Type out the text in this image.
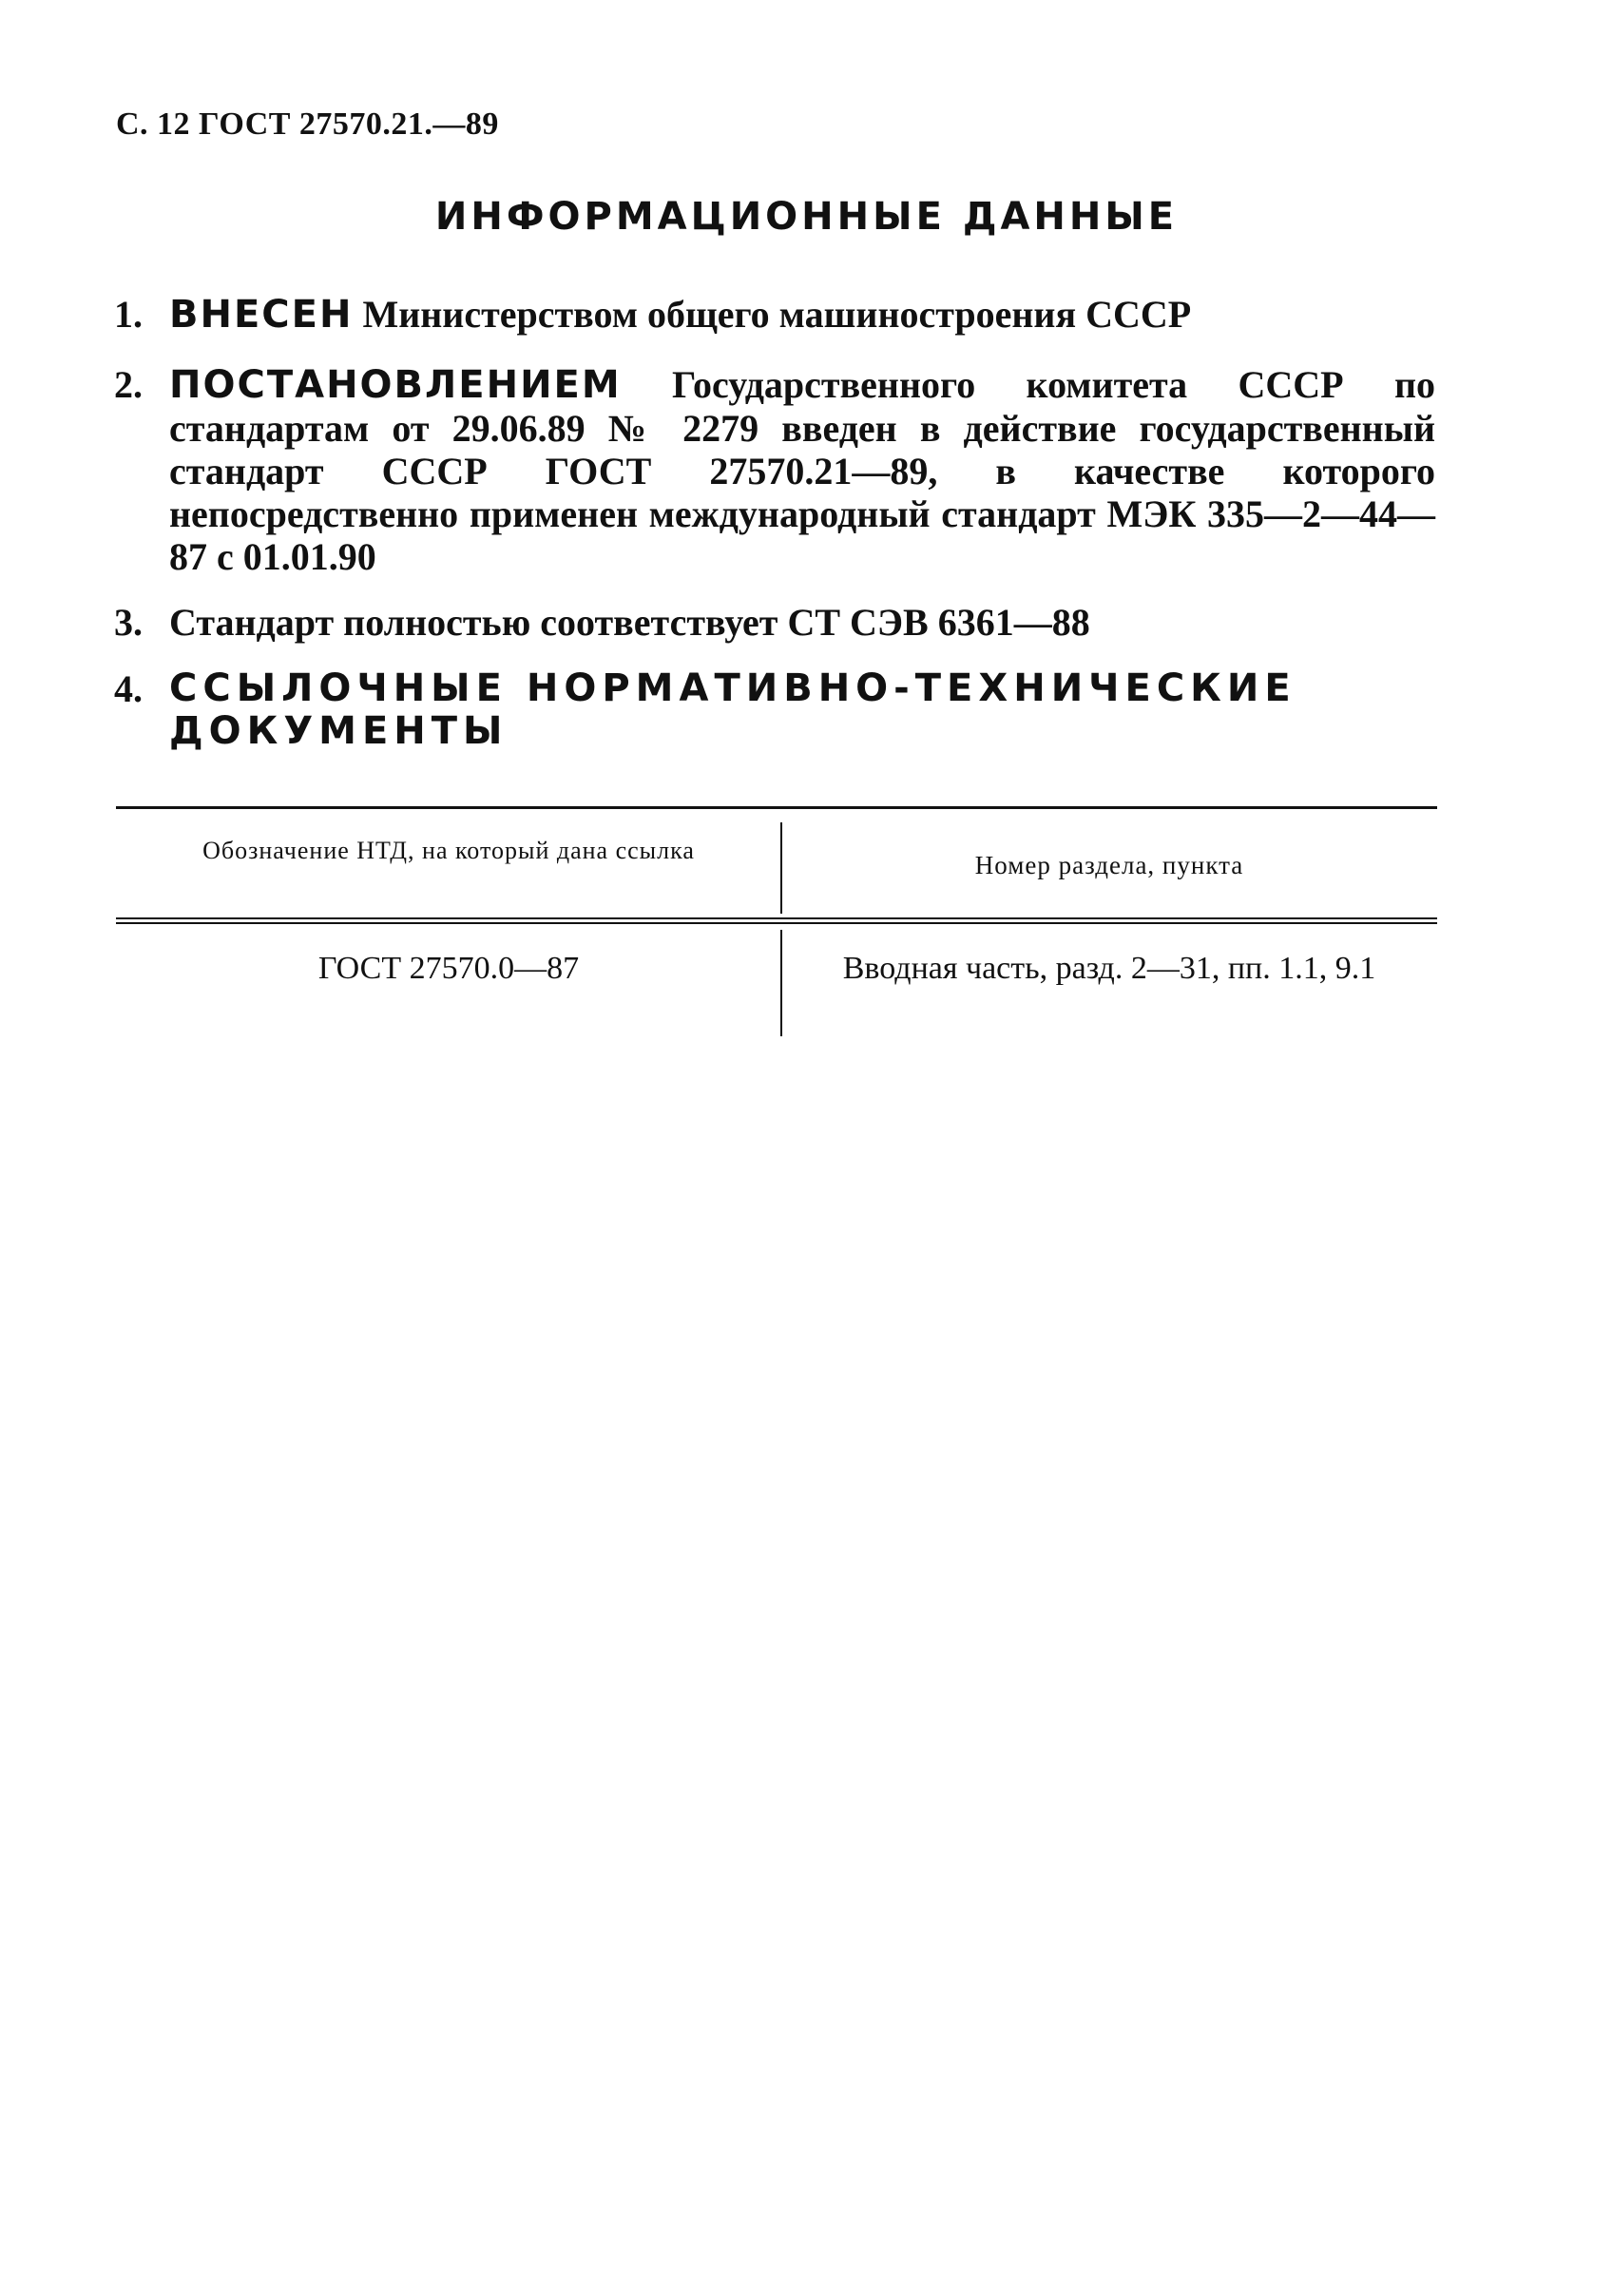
С. 12 ГОСТ 27570.21.—89
ИНФОРМАЦИОННЫЕ ДАННЫЕ
1. ВНЕСЕН Министерством общего машиностроения СССР
2. ПОСТАНОВЛЕНИЕМ Государственного комитета СССР по стандартам от 29.06.89 № 2279 введен в действие государственный стандарт СССР ГОСТ 27570.21—89, в качестве которого непосредственно применен международный стандарт МЭК 335—2—44—87 с 01.01.90
3. Стандарт полностью соответствует СТ СЭВ 6361—88
4. ССЫЛОЧНЫЕ НОРМАТИВНО-ТЕХНИЧЕСКИЕ ДОКУМЕНТЫ
Обозначение НТД, на который дана ссылка
Номер раздела, пункта
ГОСТ 27570.0—87	Вводная часть, разд. 2—31, пп. 1.1, 9.1
